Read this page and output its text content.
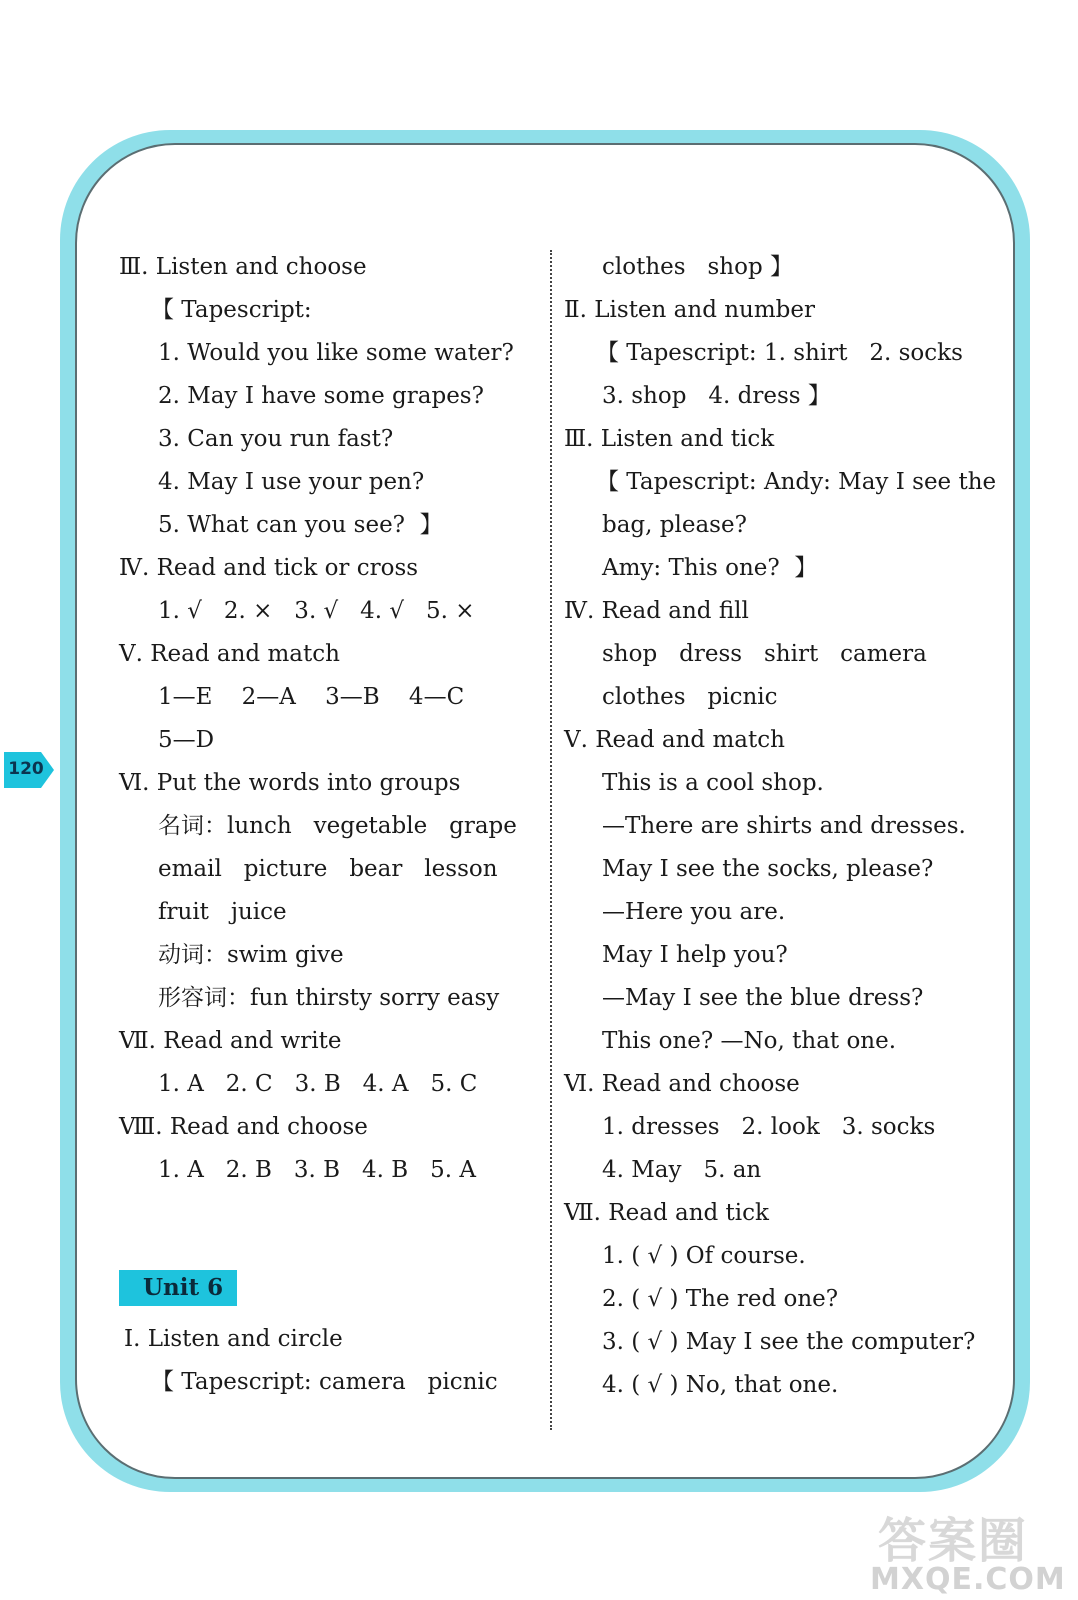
120
Ⅲ. Listen and choose
【 Tapescript:
1. Would you like some water?
2. May I have some grapes?
3. Can you run fast?
4. May I use your pen?
5. What can you see?  】
Ⅳ. Read and tick or cross
1. √   2. ×   3. √   4. √   5. ×
Ⅴ. Read and match
1—E    2—A    3—B    4—C
5—D
Ⅵ. Put the words into groups
名词：lunch   vegetable   grape
email   picture   bear   lesson
fruit   juice
动词：swim give
形容词：fun thirsty sorry easy
Ⅶ. Read and write
1. A   2. C   3. B   4. A   5. C
Ⅷ. Read and choose
1. A   2. B   3. B   4. B   5. A
Ⅰ. Listen and circle
【 Tapescript: camera   picnic
Unit 6
clothes   shop 】
Ⅱ. Listen and number
【 Tapescript: 1. shirt   2. socks
3. shop   4. dress 】
Ⅲ. Listen and tick
【 Tapescript: Andy: May I see the
bag, please?
Amy: This one?  】
Ⅳ. Read and fill
shop   dress   shirt   camera
clothes   picnic
Ⅴ. Read and match
This is a cool shop.
—There are shirts and dresses.
May I see the socks, please?
—Here you are.
May I help you?
—May I see the blue dress?
This one? —No, that one.
Ⅵ. Read and choose
1. dresses   2. look   3. socks
4. May   5. an
Ⅶ. Read and tick
1. ( √ ) Of course.
2. ( √ ) The red one?
3. ( √ ) May I see the computer?
4. ( √ ) No, that one.
答案圈
MXQE.COM
